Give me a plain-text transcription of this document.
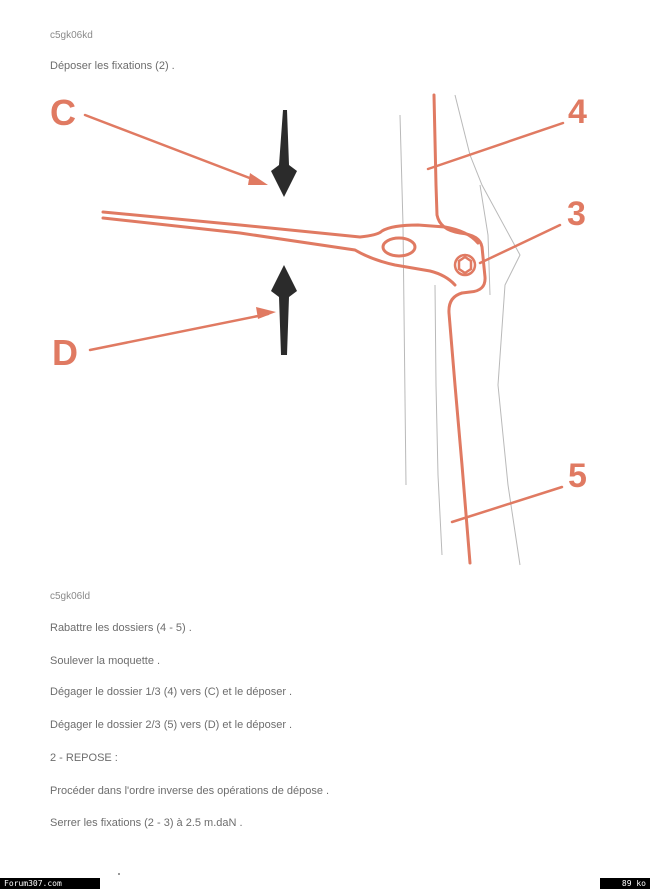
c5gk06kd
Déposer les fixations (2) .
C
D
4
3
5
c5gk06ld
Rabattre les dossiers (4 - 5) .
Soulever la moquette .
Dégager le dossier 1/3 (4) vers (C) et le déposer .
Dégager le dossier 2/3 (5) vers (D) et le déposer .
2 - REPOSE :
Procéder dans l'ordre inverse des opérations de dépose .
Serrer les fixations (2 - 3) à 2.5 m.daN .
Forum307.com	89 ko
